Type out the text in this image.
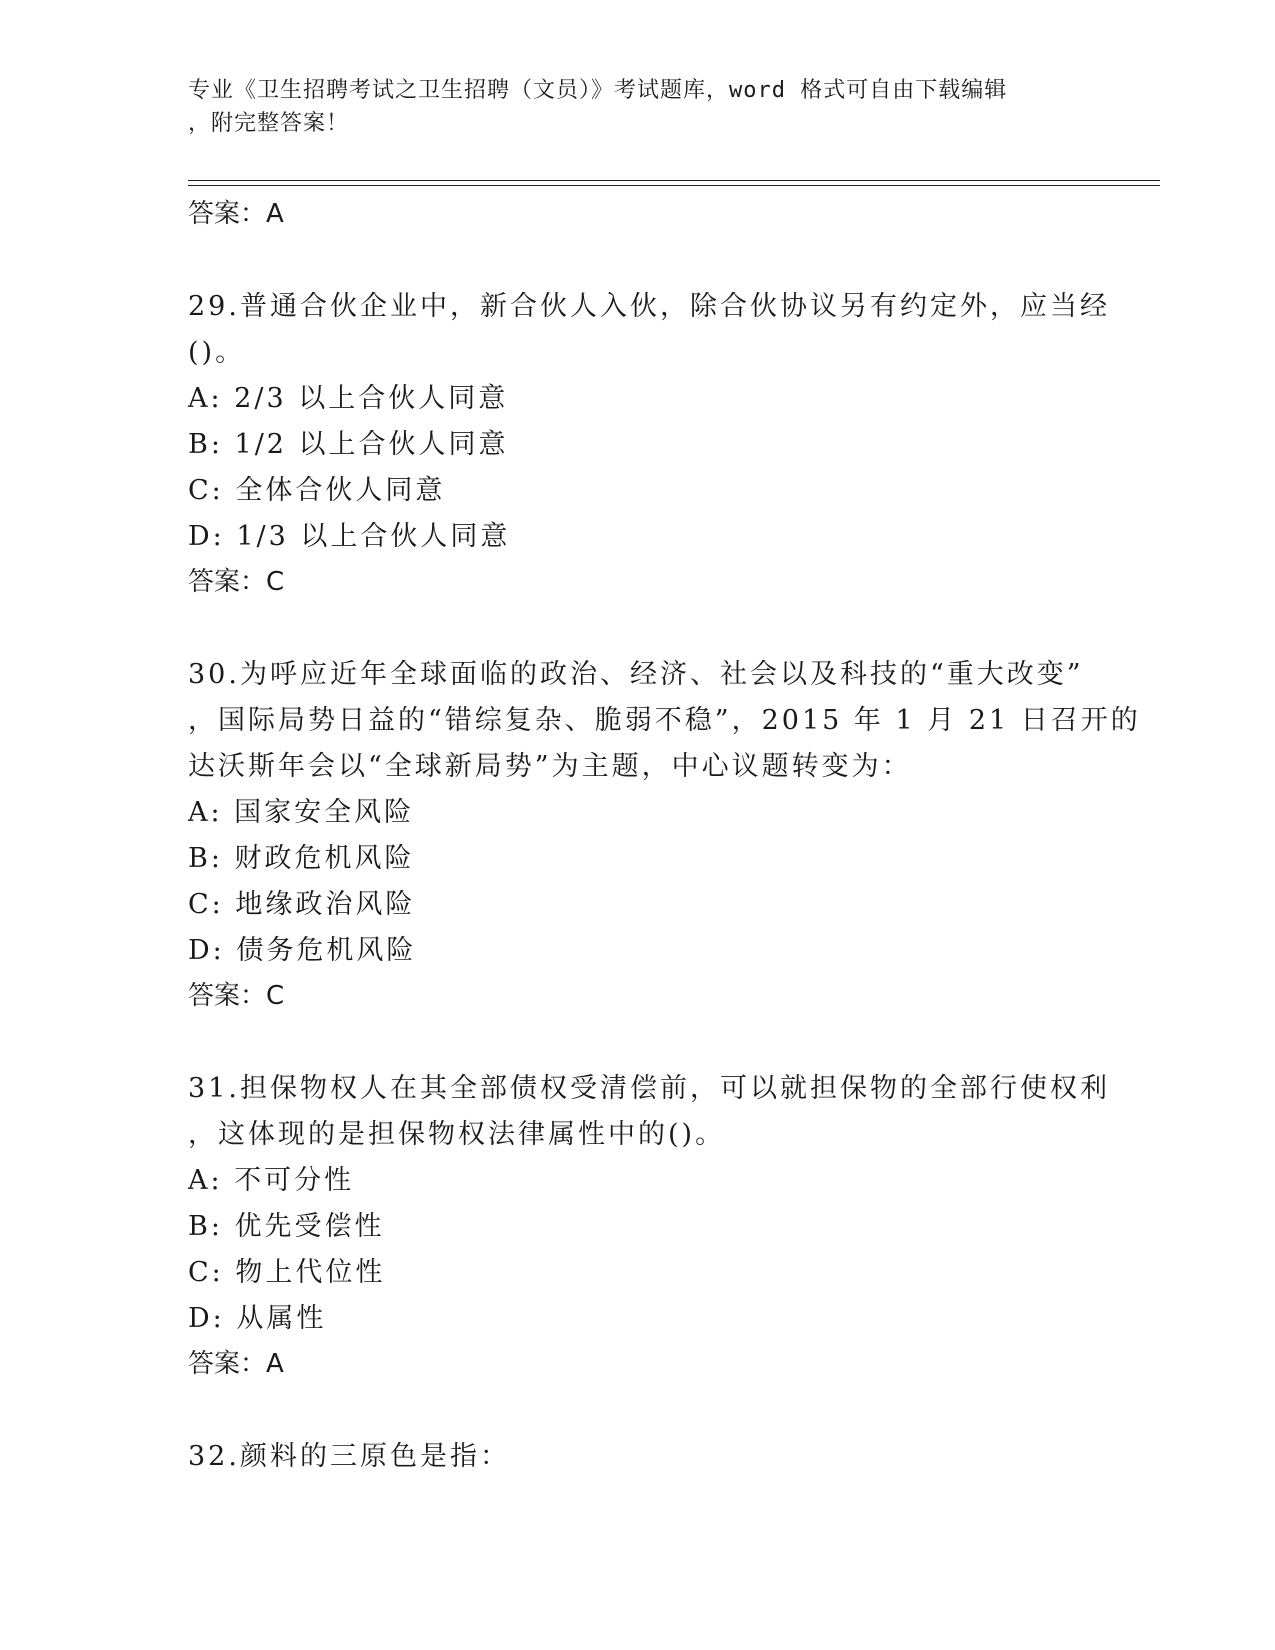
专业《卫生招聘考试之卫生招聘（文员）》考试题库，word 格式可自由下载编辑
，附完整答案！
答案：A
29.普通合伙企业中，新合伙人入伙，除合伙协议另有约定外，应当经
()。
A: 2/3 以上合伙人同意
B: 1/2 以上合伙人同意
C: 全体合伙人同意
D: 1/3 以上合伙人同意
答案：C
30.为呼应近年全球面临的政治、经济、社会以及科技的“重大改变”
，国际局势日益的“错综复杂、脆弱不稳”，2015 年 1 月 21 日召开的
达沃斯年会以“全球新局势”为主题，中心议题转变为：
A: 国家安全风险
B: 财政危机风险
C: 地缘政治风险
D: 债务危机风险
答案：C
31.担保物权人在其全部债权受清偿前，可以就担保物的全部行使权利
，这体现的是担保物权法律属性中的()。
A: 不可分性
B: 优先受偿性
C: 物上代位性
D: 从属性
答案：A
32.颜料的三原色是指：
